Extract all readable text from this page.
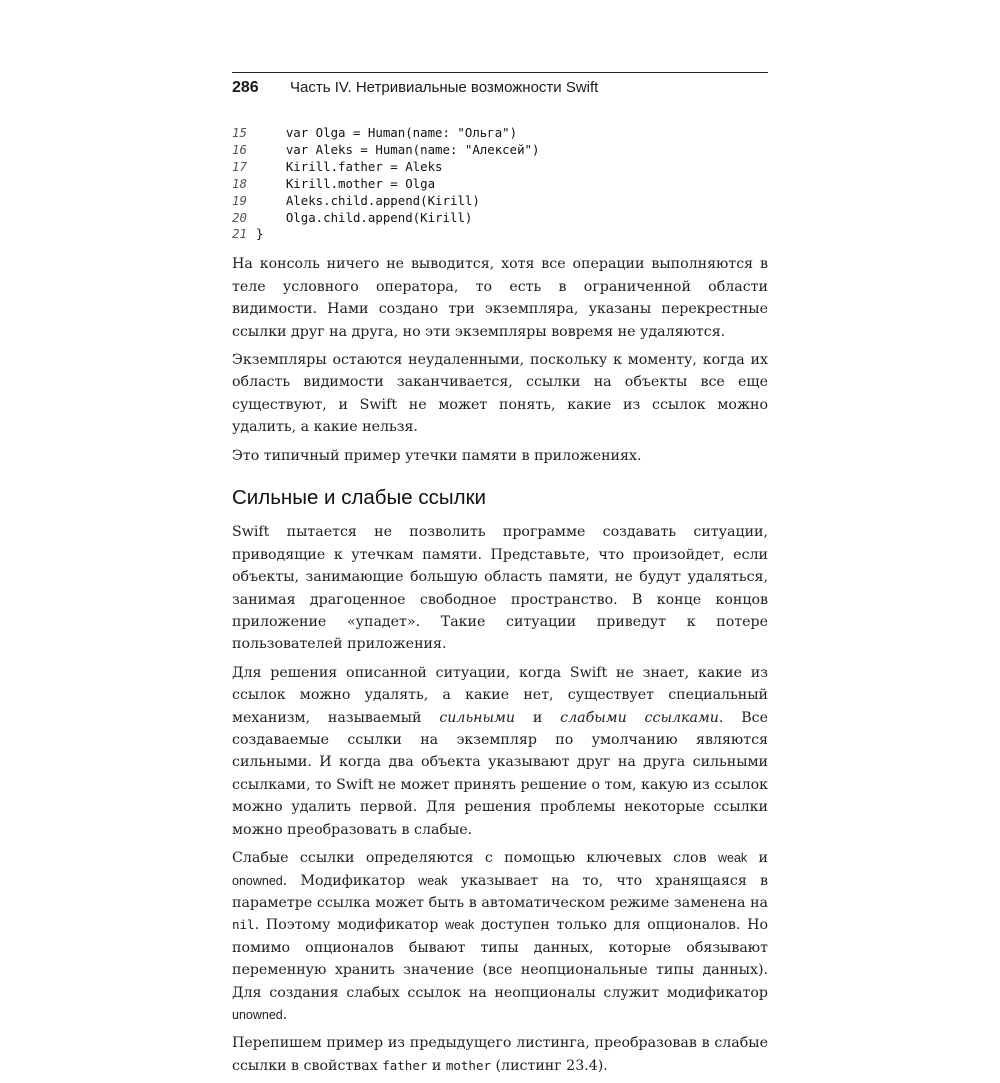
286	Часть IV. Нетривиальные возможности Swift
15 var Olga = Human(name: "Ольга")
16 var Aleks = Human(name: "Алексей")
17 Kirill.father = Aleks
18 Kirill.mother = Olga
19 Aleks.child.append(Kirill)
20 Olga.child.append(Kirill)
21 }

На консоль ничего не выводится, хотя все операции выполняются в теле условного оператора, то есть в ограниченной области видимости. Нами создано три экземпляра, указаны перекрестные ссылки друг на друга, но эти экземпляры вовремя не удаляются.

Экземпляры остаются неудаленными, поскольку к моменту, когда их область видимости заканчивается, ссылки на объекты все еще существуют, и Swift не может понять, какие из ссылок можно удалить, а какие нельзя.

Это типичный пример утечки памяти в приложениях.

Сильные и слабые ссылки

Swift пытается не позволить программе создавать ситуации, приводящие к утечкам памяти. Представьте, что произойдет, если объекты, занимающие большую область памяти, не будут удаляться, занимая драгоценное свободное пространство. В конце концов приложение «упадет». Такие ситуации приведут к потере пользователей приложения.

Для решения описанной ситуации, когда Swift не знает, какие из ссылок можно удалять, а какие нет, существует специальный механизм, называемый сильными и слабыми ссылками. Все создаваемые ссылки на экземпляр по умолчанию являются сильными. И когда два объекта указывают друг на друга сильными ссылками, то Swift не может принять решение о том, какую из ссылок можно удалить первой. Для решения проблемы некоторые ссылки можно преобразовать в слабые.

Слабые ссылки определяются с помощью ключевых слов weak и onowned. Модификатор weak указывает на то, что хранящаяся в параметре ссылка может быть в автоматическом режиме заменена на nil. Поэтому модификатор weak доступен только для опционалов. Но помимо опционалов бывают типы данных, которые обязывают переменную хранить значение (все неопциональные типы данных). Для создания слабых ссылок на неопционалы служит модификатор unowned.

Перепишем пример из предыдущего листинга, преобразовав в слабые ссылки в свойствах father и mother (листинг 23.4).
